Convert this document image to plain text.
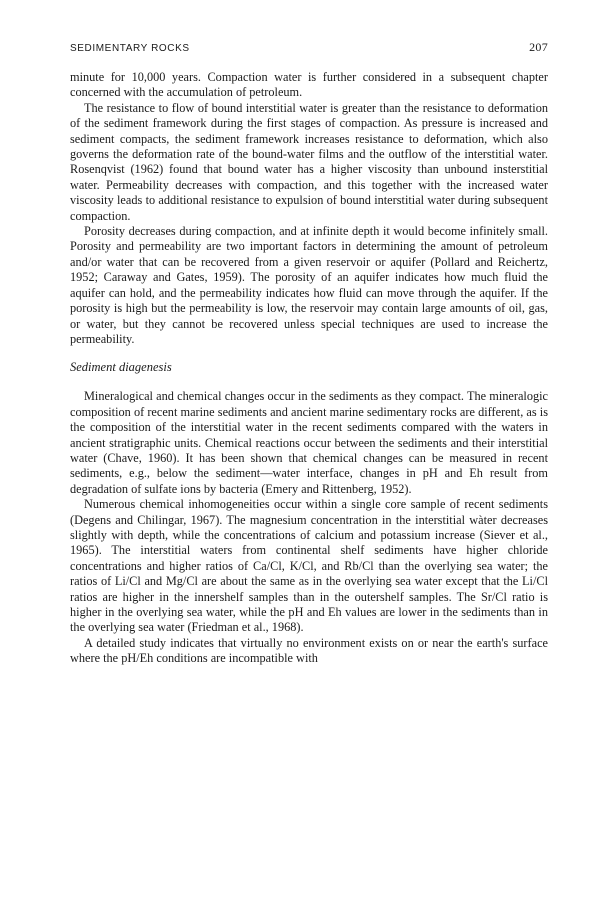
SEDIMENTARY ROCKS	207

minute for 10,000 years. Compaction water is further considered in a subsequent chapter concerned with the accumulation of petroleum.

The resistance to flow of bound interstitial water is greater than the resistance to deformation of the sediment framework during the first stages of compaction. As pressure is increased and sediment compacts, the sediment framework increases resistance to deformation, which also governs the deformation rate of the bound-water films and the outflow of the interstitial water. Rosenqvist (1962) found that bound water has a higher viscosity than unbound insterstitial water. Permeability decreases with compaction, and this together with the increased water viscosity leads to additional resistance to expulsion of bound interstitial water during subsequent compaction.

Porosity decreases during compaction, and at infinite depth it would become infinitely small. Porosity and permeability are two important factors in determining the amount of petroleum and/or water that can be recovered from a given reservoir or aquifer (Pollard and Reichertz, 1952; Caraway and Gates, 1959). The porosity of an aquifer indicates how much fluid the aquifer can hold, and the permeability indicates how fluid can move through the aquifer. If the porosity is high but the permeability is low, the reservoir may contain large amounts of oil, gas, or water, but they cannot be recovered unless special techniques are used to increase the permeability.

Sediment diagenesis

Mineralogical and chemical changes occur in the sediments as they compact. The mineralogic composition of recent marine sediments and ancient marine sedimentary rocks are different, as is the composition of the interstitial water in the recent sediments compared with the waters in ancient stratigraphic units. Chemical reactions occur between the sediments and their interstitial water (Chave, 1960). It has been shown that chemical changes can be measured in recent sediments, e.g., below the sediment—water interface, changes in pH and Eh result from degradation of sulfate ions by bacteria (Emery and Rittenberg, 1952).

Numerous chemical inhomogeneities occur within a single core sample of recent sediments (Degens and Chilingar, 1967). The magnesium concentration in the interstitial wàter decreases slightly with depth, while the concentrations of calcium and potassium increase (Siever et al., 1965). The interstitial waters from continental shelf sediments have higher chloride concentrations and higher ratios of Ca/Cl, K/Cl, and Rb/Cl than the overlying sea water; the ratios of Li/Cl and Mg/Cl are about the same as in the overlying sea water except that the Li/Cl ratios are higher in the innershelf samples than in the outershelf samples. The Sr/Cl ratio is higher in the overlying sea water, while the pH and Eh values are lower in the sediments than in the overlying sea water (Friedman et al., 1968).

A detailed study indicates that virtually no environment exists on or near the earth's surface where the pH/Eh conditions are incompatible with
